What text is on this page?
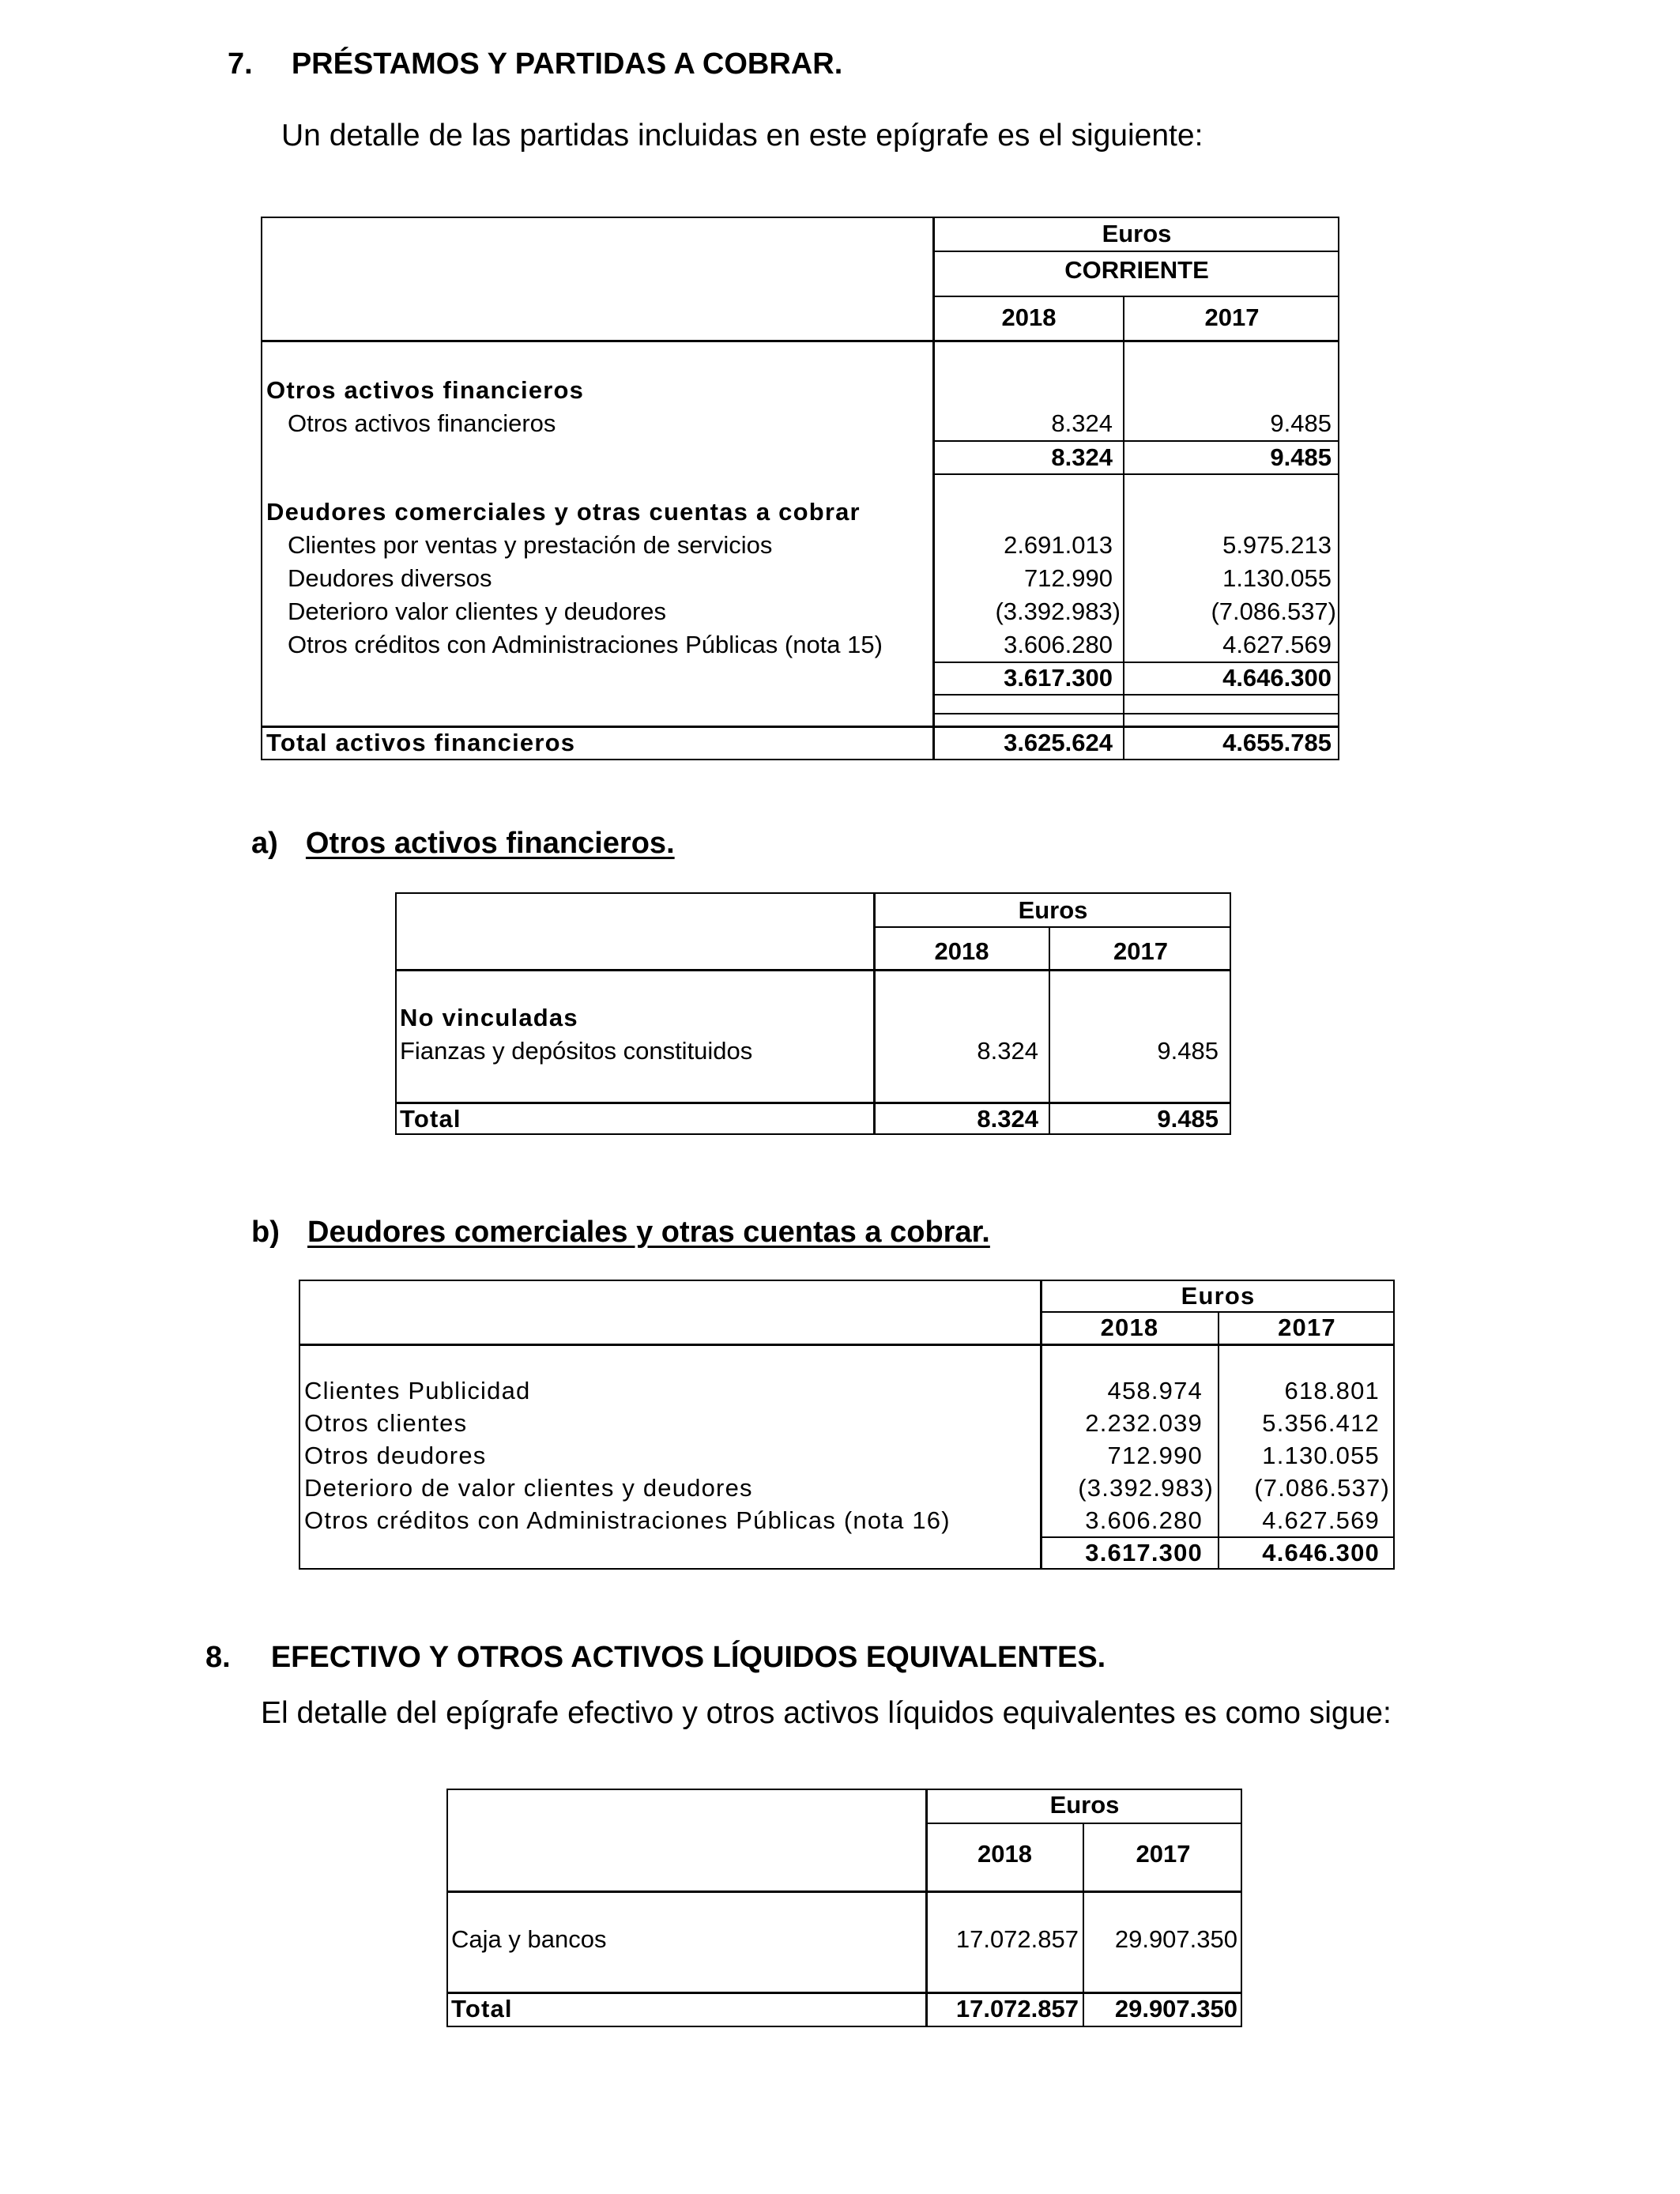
7. PRÉSTAMOS Y PARTIDAS A COBRAR.
Un detalle de las partidas incluidas en este epígrafe es el siguiente:
Euros
CORRIENTE
2018	2017
Otros activos financieros
Otros activos financieros	8.324	9.485
8.324	9.485
Deudores comerciales y otras cuentas a cobrar
Clientes por ventas y prestación de servicios	2.691.013	5.975.213
Deudores diversos	712.990	1.130.055
Deterioro valor clientes y deudores	(3.392.983)	(7.086.537)
Otros créditos con Administraciones Públicas (nota 15)	3.606.280	4.627.569
3.617.300	4.646.300
Total activos financieros	3.625.624	4.655.785
a) Otros activos financieros.
Euros
2018	2017
No vinculadas
Fianzas y depósitos constituidos	8.324	9.485
Total	8.324	9.485
b) Deudores comerciales y otras cuentas a cobrar.
Euros
2018	2017
Clientes Publicidad	458.974	618.801
Otros clientes	2.232.039	5.356.412
Otros deudores	712.990	1.130.055
Deterioro de valor clientes y deudores	(3.392.983)	(7.086.537)
Otros créditos con Administraciones Públicas (nota 16)	3.606.280	4.627.569
3.617.300	4.646.300
8. EFECTIVO Y OTROS ACTIVOS LÍQUIDOS EQUIVALENTES.
El detalle del epígrafe efectivo y otros activos líquidos equivalentes es como sigue:
Euros
2018	2017
Caja y bancos	17.072.857	29.907.350
Total	17.072.857	29.907.350
